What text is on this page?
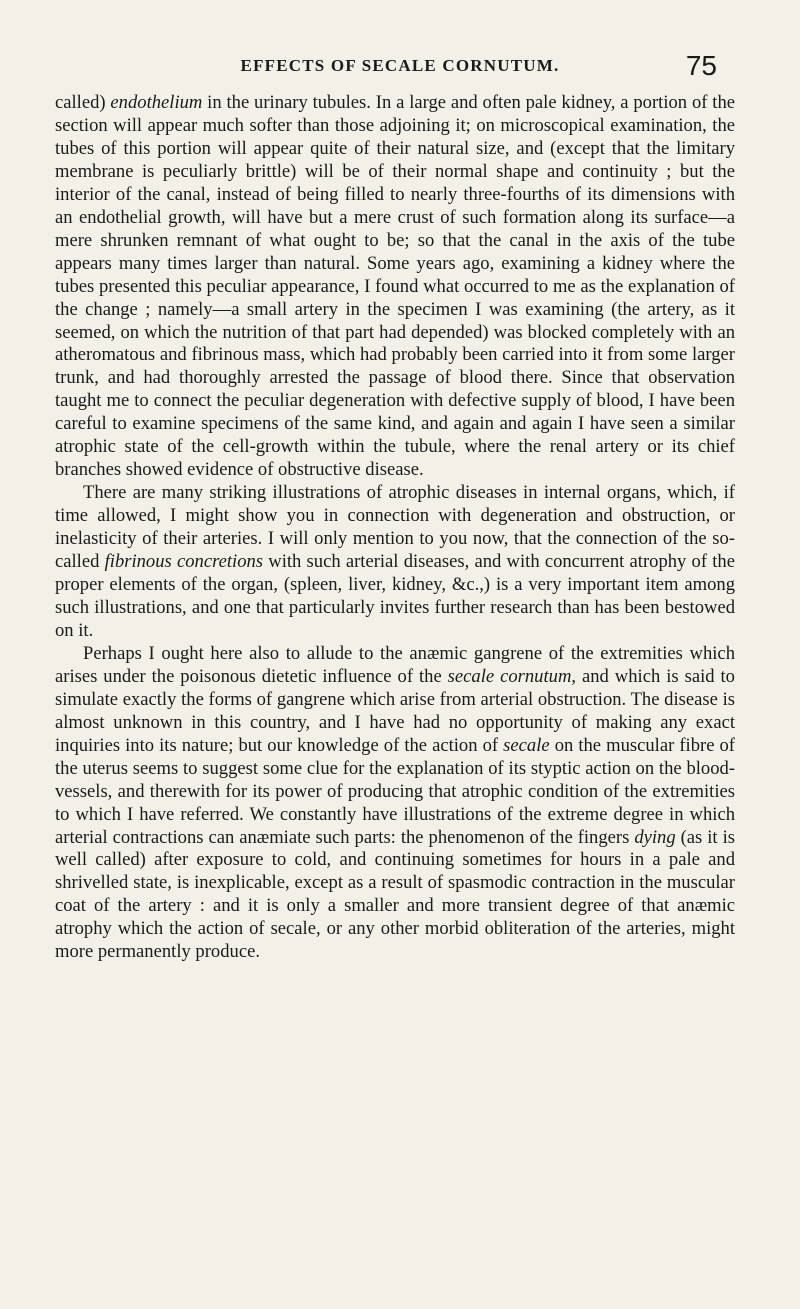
EFFECTS OF SECALE CORNUTUM.	75

called) endothelium in the urinary tubules. In a large and often pale kidney, a portion of the section will appear much softer than those adjoining it; on microscopical examination, the tubes of this portion will appear quite of their natural size, and (except that the limitary membrane is peculiarly brittle) will be of their normal shape and continuity ; but the interior of the canal, instead of being filled to nearly three-fourths of its dimensions with an endothelial growth, will have but a mere crust of such formation along its surface—a mere shrunken remnant of what ought to be; so that the canal in the axis of the tube appears many times larger than natural. Some years ago, examining a kidney where the tubes presented this peculiar appearance, I found what occurred to me as the explanation of the change ; namely—a small artery in the specimen I was examining (the artery, as it seemed, on which the nutrition of that part had depended) was blocked completely with an atheromatous and fibrinous mass, which had probably been carried into it from some larger trunk, and had thoroughly arrested the passage of blood there. Since that observation taught me to connect the peculiar degeneration with defective supply of blood, I have been careful to examine specimens of the same kind, and again and again I have seen a similar atrophic state of the cell-growth within the tubule, where the renal artery or its chief branches showed evidence of obstructive disease.

There are many striking illustrations of atrophic diseases in internal organs, which, if time allowed, I might show you in connection with degeneration and obstruction, or inelasticity of their arteries. I will only mention to you now, that the connection of the so-called fibrinous concretions with such arterial diseases, and with concurrent atrophy of the proper elements of the organ, (spleen, liver, kidney, &c.,) is a very important item among such illustrations, and one that particularly invites further research than has been bestowed on it.

Perhaps I ought here also to allude to the anæmic gangrene of the extremities which arises under the poisonous dietetic influence of the secale cornutum, and which is said to simulate exactly the forms of gangrene which arise from arterial obstruction. The disease is almost unknown in this country, and I have had no opportunity of making any exact inquiries into its nature; but our knowledge of the action of secale on the muscular fibre of the uterus seems to suggest some clue for the explanation of its styptic action on the blood-vessels, and therewith for its power of producing that atrophic condition of the extremities to which I have referred. We constantly have illustrations of the extreme degree in which arterial contractions can anæmiate such parts: the phenomenon of the fingers dying (as it is well called) after exposure to cold, and continuing sometimes for hours in a pale and shrivelled state, is inexplicable, except as a result of spasmodic contraction in the muscular coat of the artery : and it is only a smaller and more transient degree of that anæmic atrophy which the action of secale, or any other morbid obliteration of the arteries, might more permanently produce.
